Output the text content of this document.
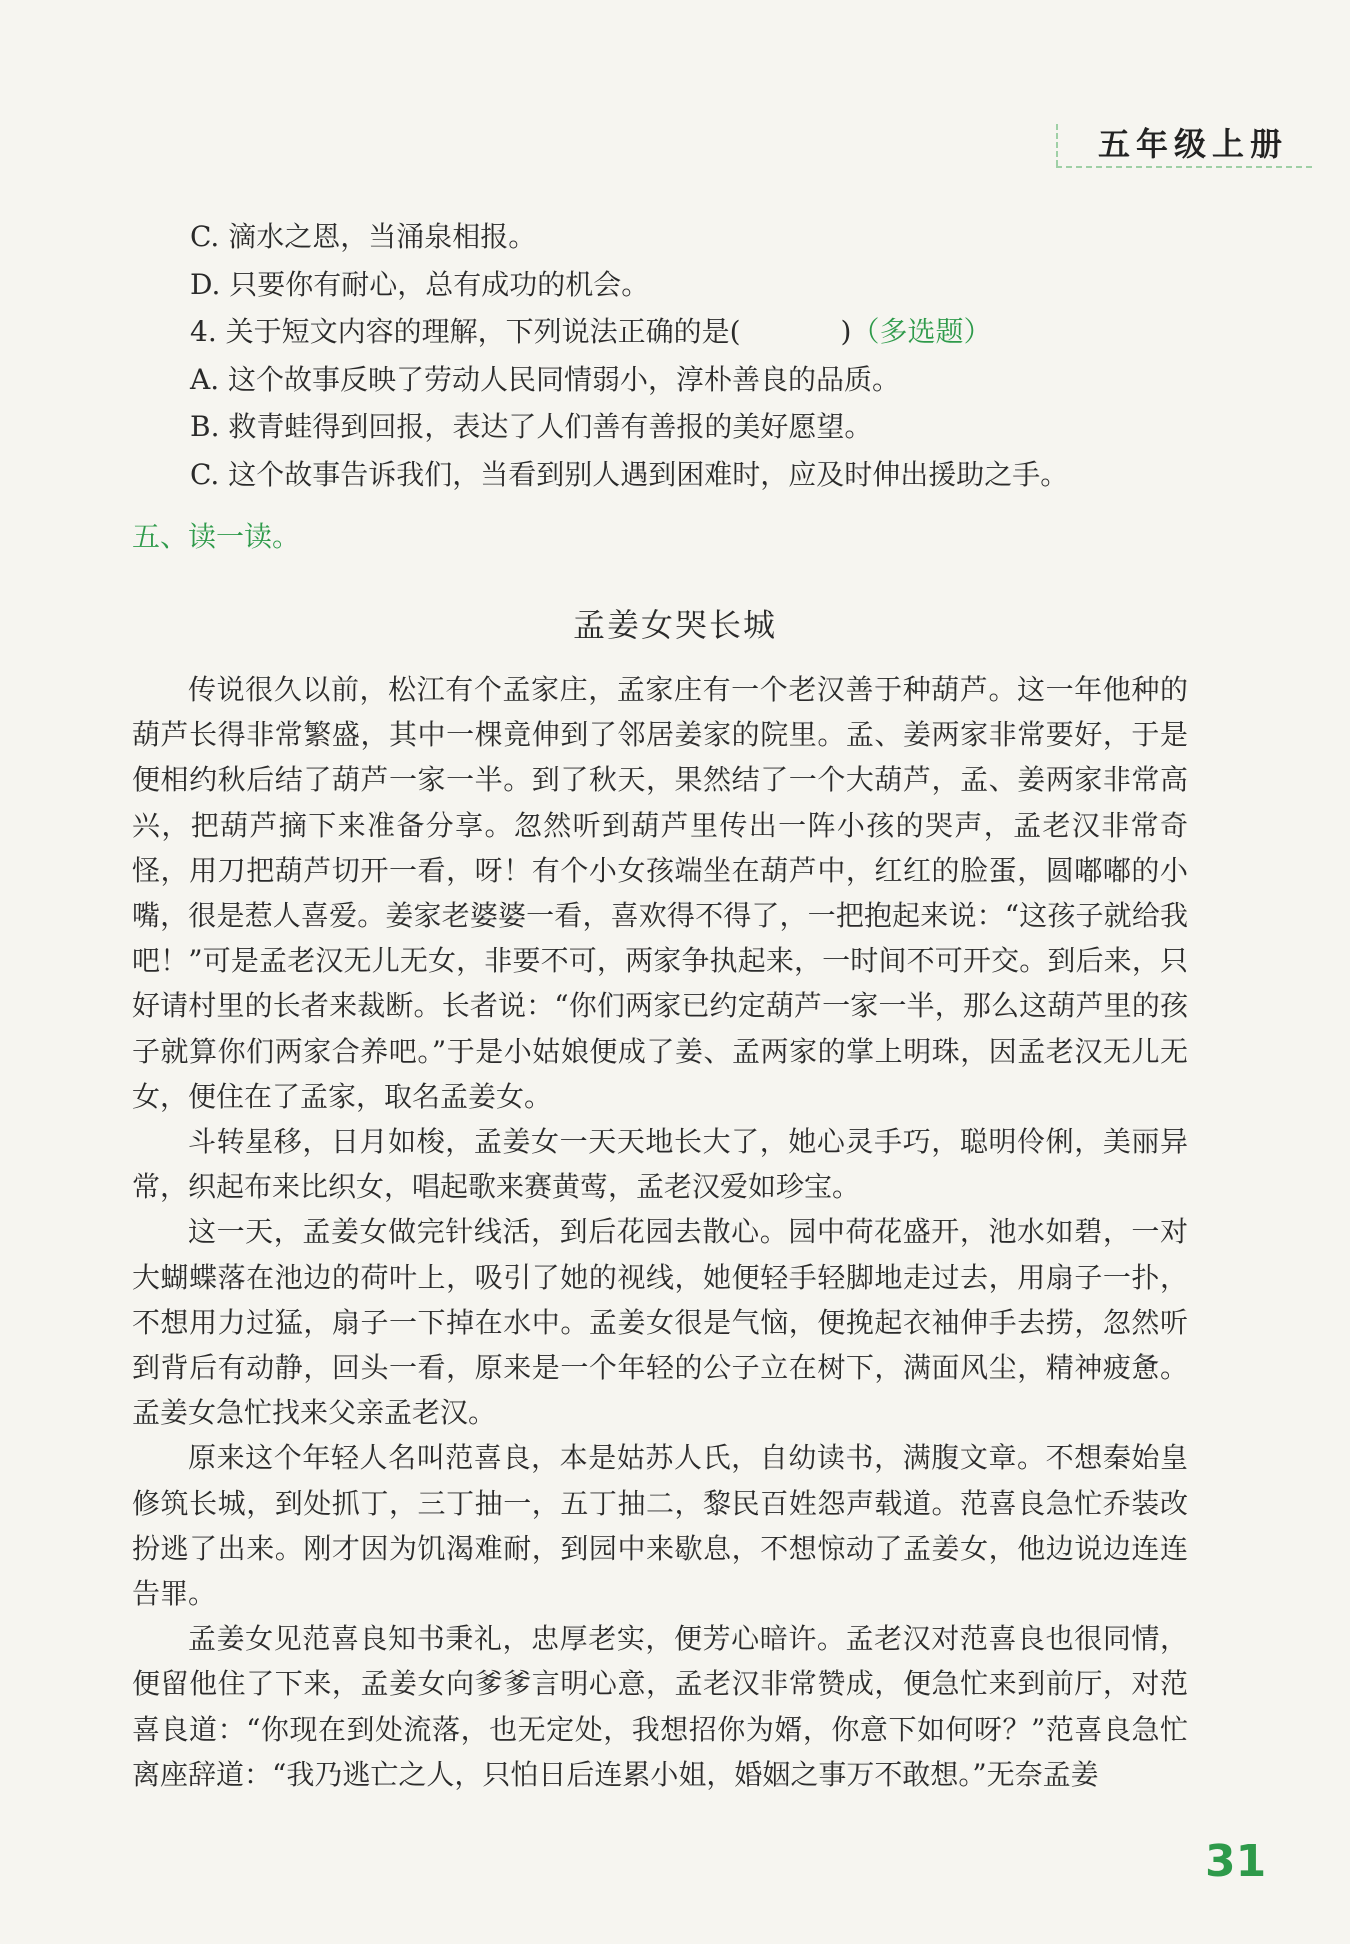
五年级上册
C. 滴水之恩，当涌泉相报。
D. 只要你有耐心，总有成功的机会。
4. 关于短文内容的理解，下列说法正确的是(	)（多选题）
A. 这个故事反映了劳动人民同情弱小，淳朴善良的品质。
B. 救青蛙得到回报，表达了人们善有善报的美好愿望。
C. 这个故事告诉我们，当看到别人遇到困难时，应及时伸出援助之手。
五、读一读。
孟姜女哭长城

传说很久以前，松江有个孟家庄，孟家庄有一个老汉善于种葫芦。这一年他种的葫芦长得非常繁盛，其中一棵竟伸到了邻居姜家的院里。孟、姜两家非常要好，于是便相约秋后结了葫芦一家一半。到了秋天，果然结了一个大葫芦，孟、姜两家非常高兴，把葫芦摘下来准备分享。忽然听到葫芦里传出一阵小孩的哭声，孟老汉非常奇怪，用刀把葫芦切开一看，呀！有个小女孩端坐在葫芦中，红红的脸蛋，圆嘟嘟的小嘴，很是惹人喜爱。姜家老婆婆一看，喜欢得不得了，一把抱起来说：“这孩子就给我吧！”可是孟老汉无儿无女，非要不可，两家争执起来，一时间不可开交。到后来，只好请村里的长者来裁断。长者说：“你们两家已约定葫芦一家一半，那么这葫芦里的孩子就算你们两家合养吧。”于是小姑娘便成了姜、孟两家的掌上明珠，因孟老汉无儿无女，便住在了孟家，取名孟姜女。

斗转星移，日月如梭，孟姜女一天天地长大了，她心灵手巧，聪明伶俐，美丽异常，织起布来比织女，唱起歌来赛黄莺，孟老汉爱如珍宝。

这一天，孟姜女做完针线活，到后花园去散心。园中荷花盛开，池水如碧，一对大蝴蝶落在池边的荷叶上，吸引了她的视线，她便轻手轻脚地走过去，用扇子一扑，不想用力过猛，扇子一下掉在水中。孟姜女很是气恼，便挽起衣袖伸手去捞，忽然听到背后有动静，回头一看，原来是一个年轻的公子立在树下，满面风尘，精神疲惫。孟姜女急忙找来父亲孟老汉。

原来这个年轻人名叫范喜良，本是姑苏人氏，自幼读书，满腹文章。不想秦始皇修筑长城，到处抓丁，三丁抽一，五丁抽二，黎民百姓怨声载道。范喜良急忙乔装改扮逃了出来。刚才因为饥渴难耐，到园中来歇息，不想惊动了孟姜女，他边说边连连告罪。

孟姜女见范喜良知书秉礼，忠厚老实，便芳心暗许。孟老汉对范喜良也很同情，便留他住了下来，孟姜女向爹爹言明心意，孟老汉非常赞成，便急忙来到前厅，对范喜良道：“你现在到处流落，也无定处，我想招你为婿，你意下如何呀？”范喜良急忙离座辞道：“我乃逃亡之人，只怕日后连累小姐，婚姻之事万不敢想。”无奈孟姜

31
